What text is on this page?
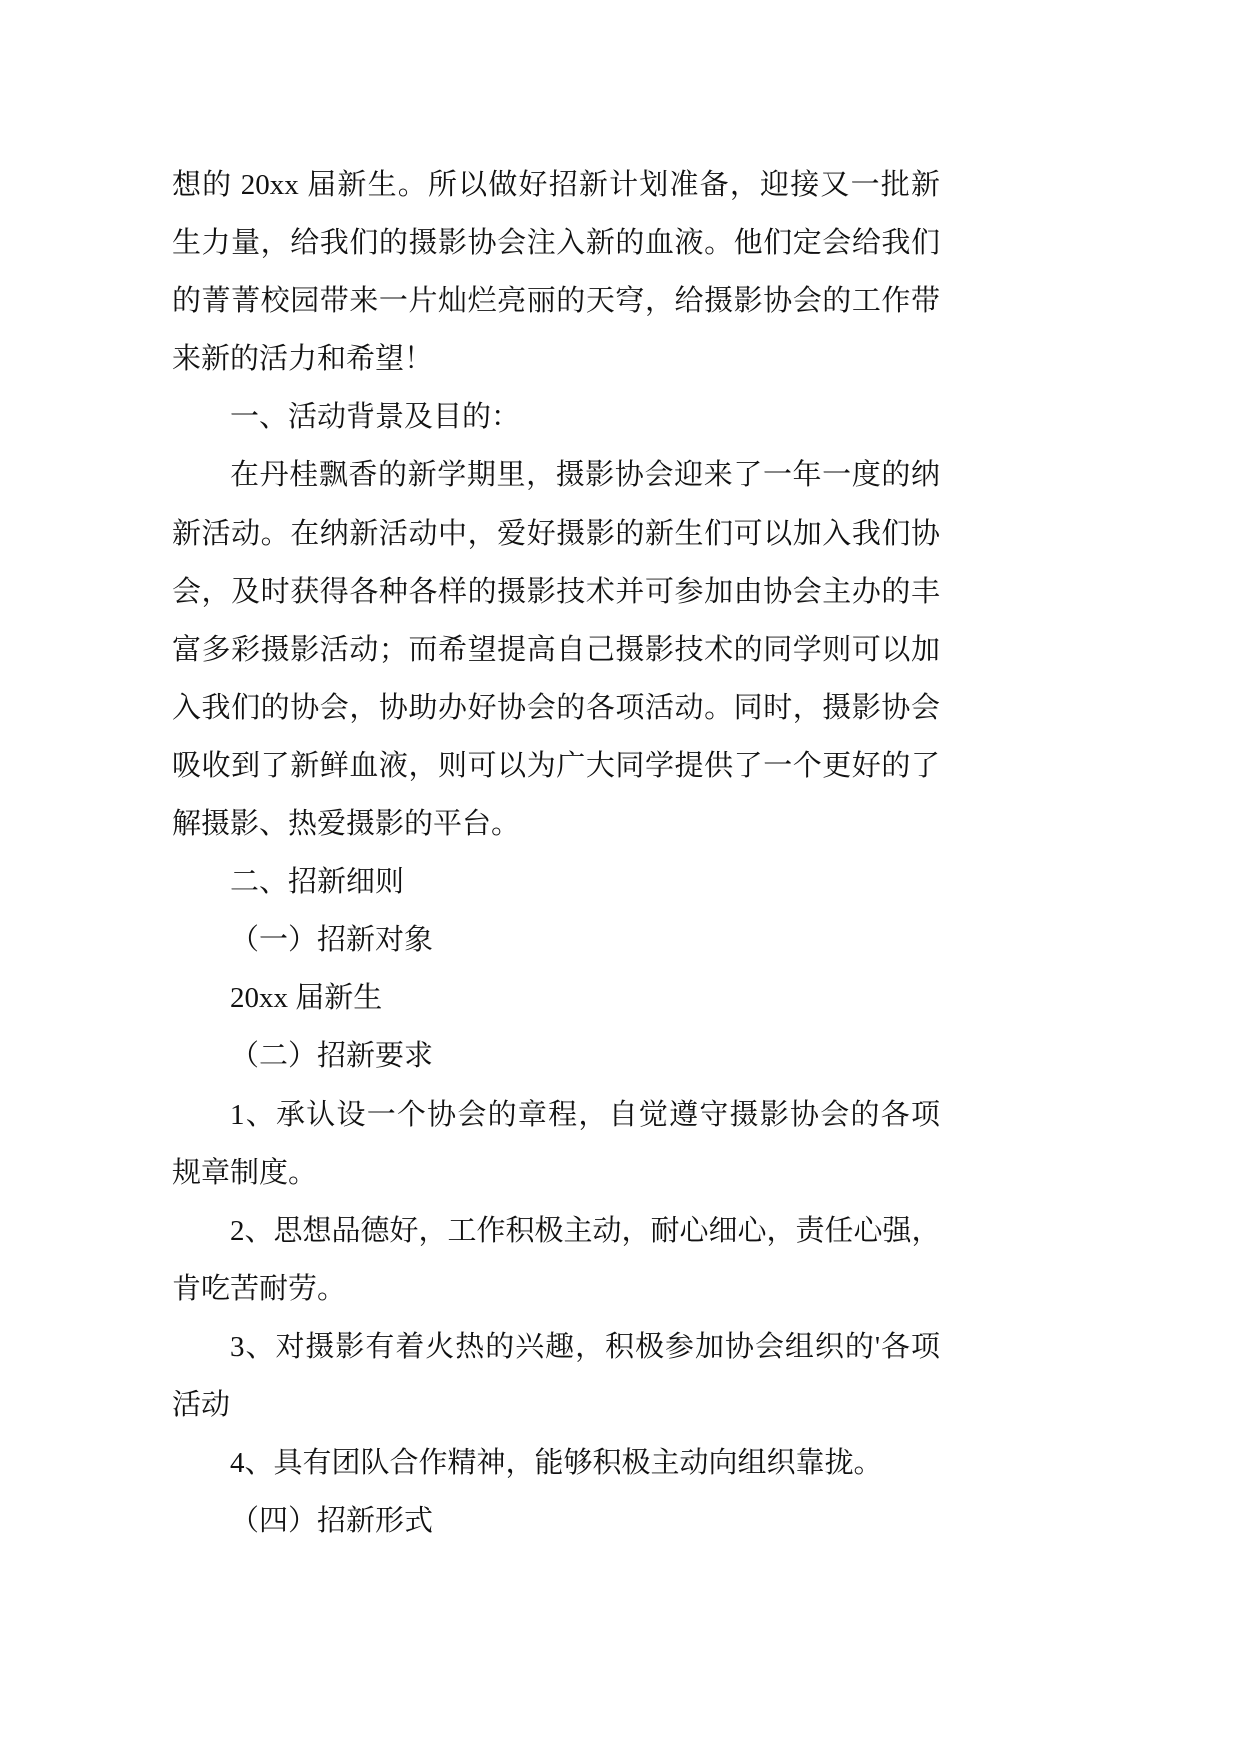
想的 20xx 届新生。所以做好招新计划准备，迎接又一批新
生力量，给我们的摄影协会注入新的血液。他们定会给我们
的菁菁校园带来一片灿烂亮丽的天穹，给摄影协会的工作带
来新的活力和希望！
一、活动背景及目的：
在丹桂飘香的新学期里，摄影协会迎来了一年一度的纳
新活动。在纳新活动中，爱好摄影的新生们可以加入我们协
会，及时获得各种各样的摄影技术并可参加由协会主办的丰
富多彩摄影活动；而希望提高自己摄影技术的同学则可以加
入我们的协会，协助办好协会的各项活动。同时，摄影协会
吸收到了新鲜血液，则可以为广大同学提供了一个更好的了
解摄影、热爱摄影的平台。
二、招新细则
（一）招新对象
20xx 届新生
（二）招新要求
1、承认设一个协会的章程，自觉遵守摄影协会的各项
规章制度。
2、思想品德好，工作积极主动，耐心细心，责任心强，
肯吃苦耐劳。
3、对摄影有着火热的兴趣，积极参加协会组织的'各项
活动
4、具有团队合作精神，能够积极主动向组织靠拢。
（四）招新形式
